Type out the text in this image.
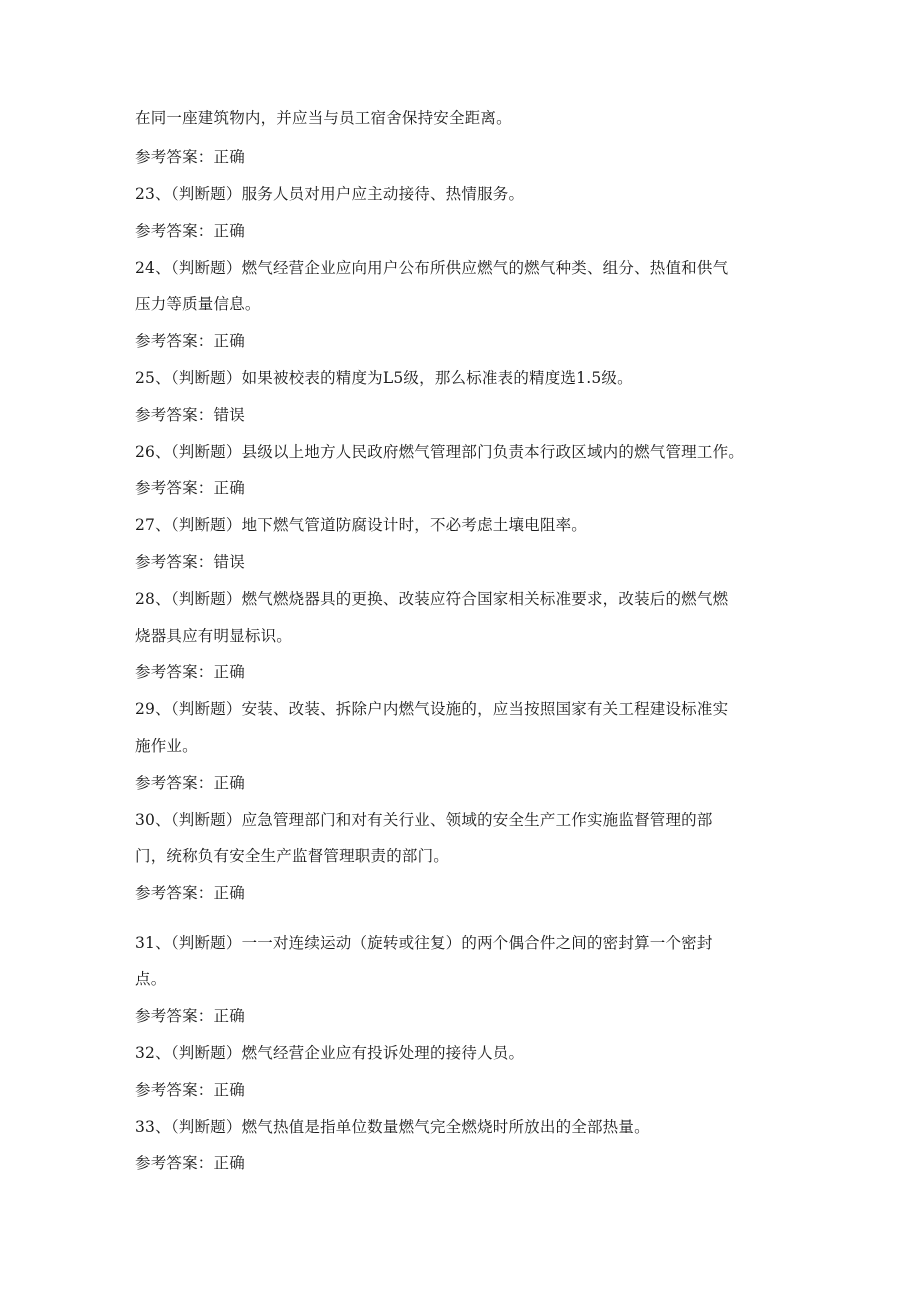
在同一座建筑物内，并应当与员工宿舍保持安全距离。
参考答案：正确
23、（判断题）服务人员对用户应主动接待、热情服务。
参考答案：正确
24、（判断题）燃气经营企业应向用户公布所供应燃气的燃气种类、组分、热值和供气
压力等质量信息。
参考答案：正确
25、（判断题）如果被校表的精度为L5级，那么标准表的精度选1.5级。
参考答案：错误
26、（判断题）县级以上地方人民政府燃气管理部门负责本行政区域内的燃气管理工作。
参考答案：正确
27、（判断题）地下燃气管道防腐设计时，不必考虑土壤电阻率。
参考答案：错误
28、（判断题）燃气燃烧器具的更换、改装应符合国家相关标准要求，改装后的燃气燃
烧器具应有明显标识。
参考答案：正确
29、（判断题）安装、改装、拆除户内燃气设施的，应当按照国家有关工程建设标准实
施作业。
参考答案：正确
30、（判断题）应急管理部门和对有关行业、领域的安全生产工作实施监督管理的部
门，统称负有安全生产监督管理职责的部门。
参考答案：正确
31、（判断题）一一对连续运动（旋转或往复）的两个偶合件之间的密封算一个密封
点。
参考答案：正确
32、（判断题）燃气经营企业应有投诉处理的接待人员。
参考答案：正确
33、（判断题）燃气热值是指单位数量燃气完全燃烧时所放出的全部热量。
参考答案：正确
